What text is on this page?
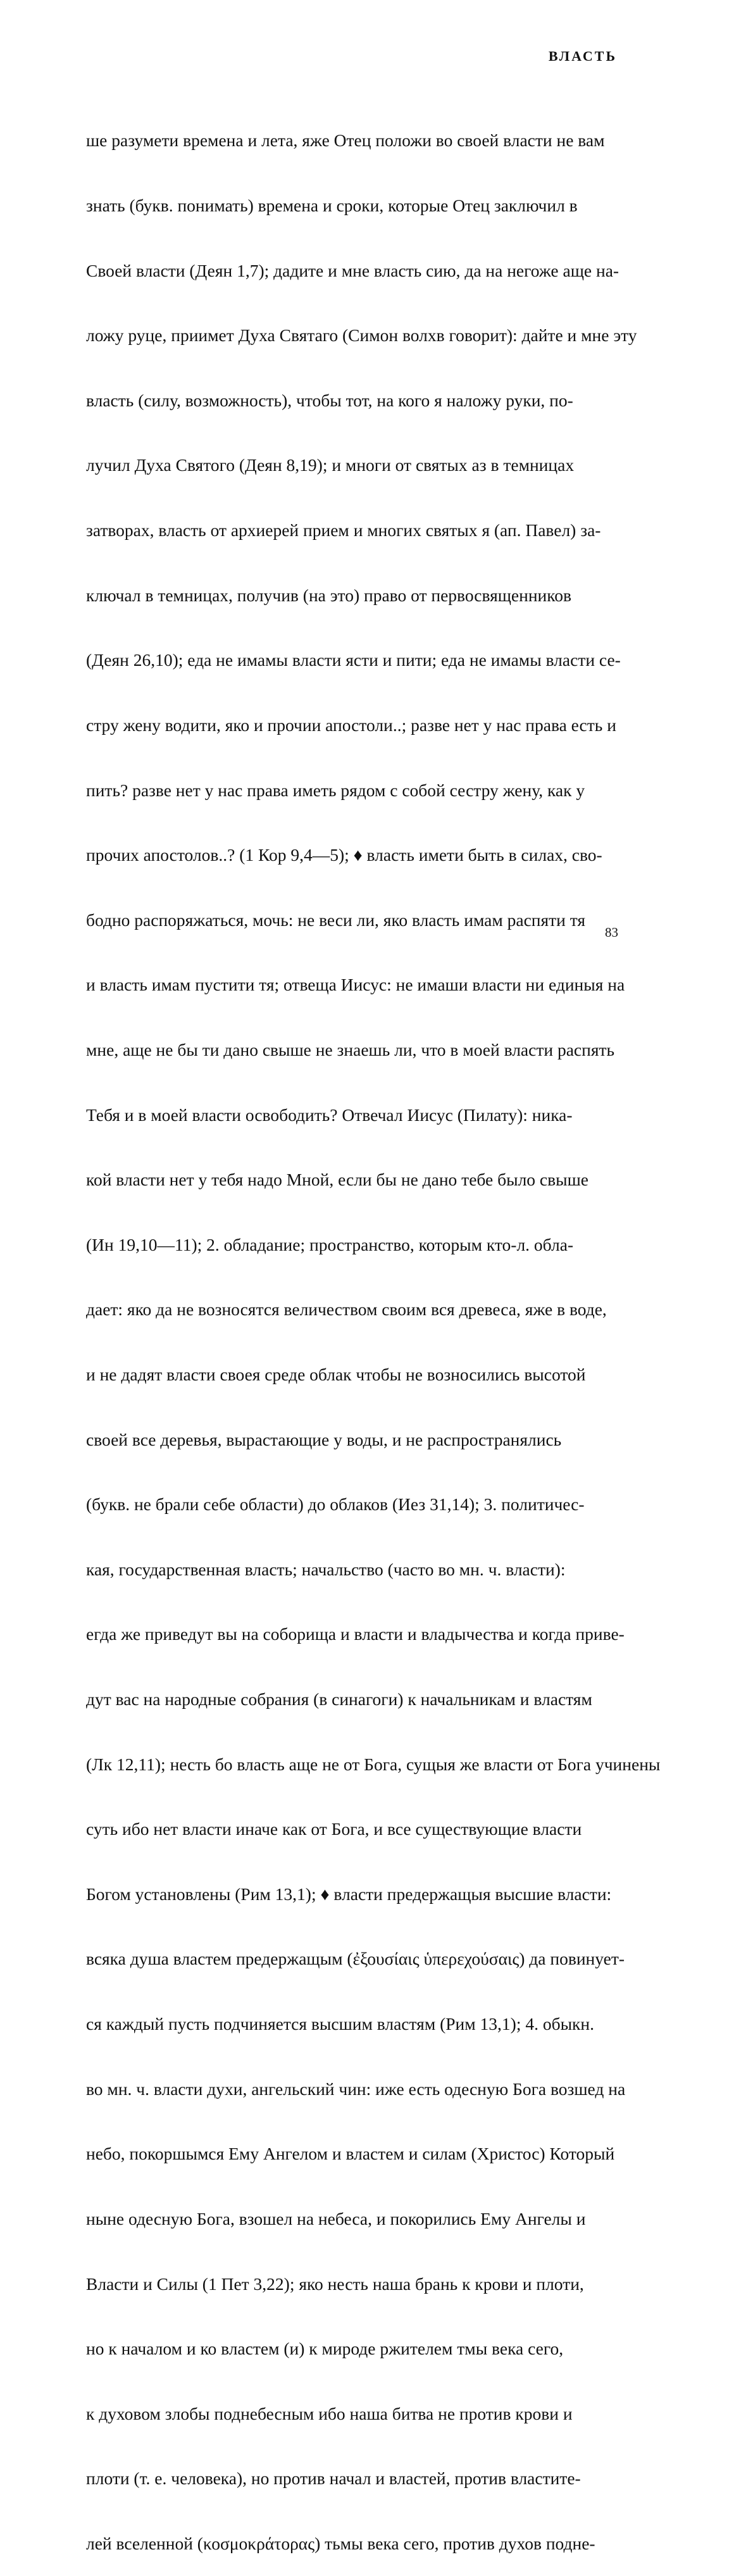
ВЛАСТЬ

ше разумети времена и лета, яже Отец положи во своей власти не вам

знать (букв. понимать) времена и сроки, которые Отец заключил в

Своей власти (Деян 1,7); дадите и мне власть сию, да на негоже аще на-

ложу руце, приимет Духа Святаго (Симон волхв говорит): дайте и мне эту

власть (силу, возможность), чтобы тот, на кого я наложу руки, по-

лучил Духа Святого (Деян 8,19); и многи от святых аз в темницах

затворах, власть от архиерей прием и многих святых я (ап. Павел) за-

ключал в темницах, получив (на это) право от первосвященников

(Деян 26,10); еда не имамы власти ясти и пити; еда не имамы власти се-

стру жену водити, яко и прочии апостоли..; разве нет у нас права есть и

пить? разве нет у нас права иметь рядом с собой сестру жену, как у

прочих апостолов..? (1 Кор 9,4—5); ♦ власть имети быть в силах, сво-

бодно распоряжаться, мочь: не веси ли, яко власть имам распяти тя

и власть имам пустити тя; отвеща Иисус: не имаши власти ни единыя на

мне, аще не бы ти дано свыше не знаешь ли, что в моей власти распять

Тебя и в моей власти освободить? Отвечал Иисус (Пилату): ника-

кой власти нет у тебя надо Мной, если бы не дано тебе было свыше

(Ин 19,10—11); 2. обладание; пространство, которым кто-л. обла-

дает: яко да не возносятся величеством своим вся древеса, яже в воде,

и не дадят власти своея среде облак чтобы не возносились высотой

своей все деревья, вырастающие у воды, и не распространялись

(букв. не брали себе области) до облаков (Иез 31,14); 3. политичес-

кая, государственная власть; начальство (часто во мн. ч. власти):

егда же приведут вы на соборища и власти и владычества и когда приве-

дут вас на народные собрания (в синагоги) к начальникам и властям

(Лк 12,11); несть бо власть аще не от Бога, сущыя же власти от Бога учинены

суть ибо нет власти иначе как от Бога, и все существующие власти

Богом установлены (Рим 13,1); ♦ власти предержащыя высшие власти:

всяка душа властем предержащым (ἐξουσίαις ὑπερεχούσαις) да повинует-

ся каждый пусть подчиняется высшим властям (Рим 13,1); 4. обыкн.

во мн. ч. власти духи, ангельский чин: иже есть одесную Бога возшед на

небо, покоршымся Ему Ангелом и властем и силам (Христос) Который

ныне одесную Бога, взошел на небеса, и покорились Ему Ангелы и

Власти и Силы (1 Пет 3,22); яко несть наша брань к крови и плоти,

но к началом и ко властем (и) к мироде ржителем тмы века сего,

к духовом злобы поднебесным ибо наша битва не против крови и

плоти (т. е. человека), но против начал и властей, против властите-

лей вселенной (κοσμοκράτορας) тьмы века сего, против духов подне-

83
